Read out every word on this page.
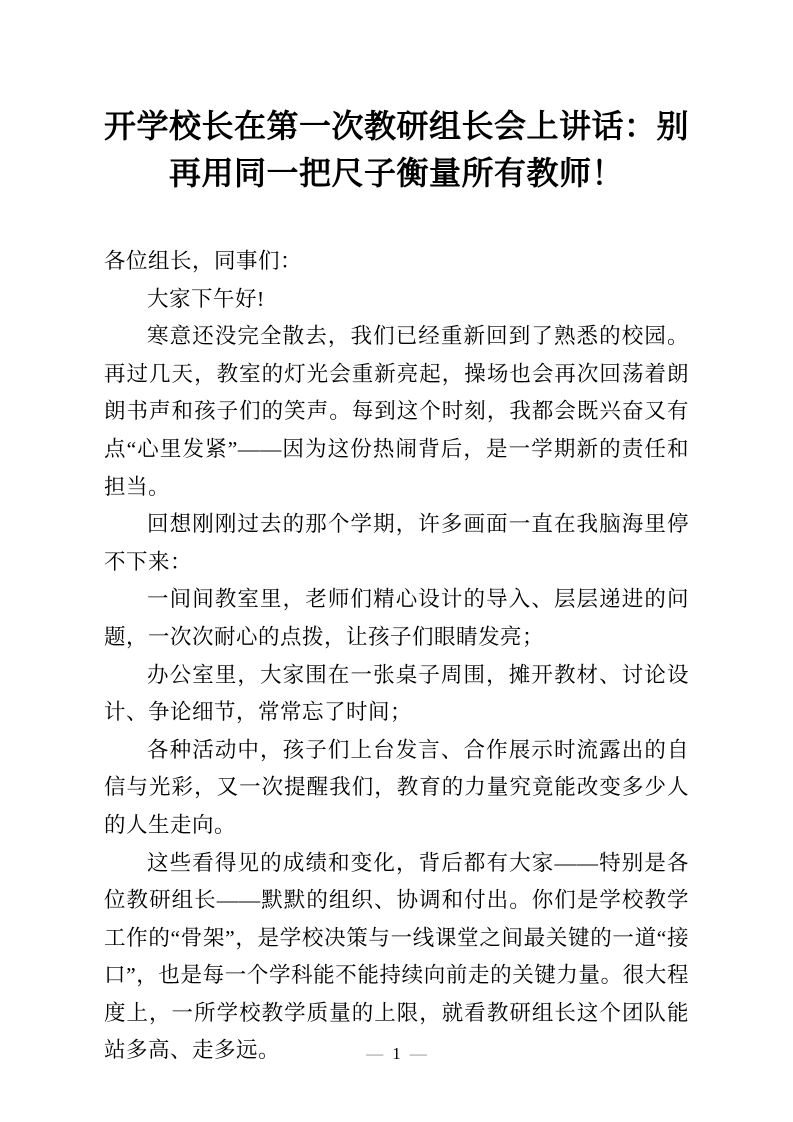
开学校长在第一次教研组长会上讲话：别再用同一把尺子衡量所有教师！

各位组长，同事们：

大家下午好!

寒意还没完全散去，我们已经重新回到了熟悉的校园。再过几天，教室的灯光会重新亮起，操场也会再次回荡着朗朗书声和孩子们的笑声。每到这个时刻，我都会既兴奋又有点“心里发紧”——因为这份热闹背后，是一学期新的责任和担当。

回想刚刚过去的那个学期，许多画面一直在我脑海里停不下来：

一间间教室里，老师们精心设计的导入、层层递进的问题，一次次耐心的点拨，让孩子们眼睛发亮；

办公室里，大家围在一张桌子周围，摊开教材、讨论设计、争论细节，常常忘了时间；

各种活动中，孩子们上台发言、合作展示时流露出的自信与光彩，又一次提醒我们，教育的力量究竟能改变多少人的人生走向。

这些看得见的成绩和变化，背后都有大家——特别是各位教研组长——默默的组织、协调和付出。你们是学校教学工作的“骨架”，是学校决策与一线课堂之间最关键的一道“接口”，也是每一个学科能不能持续向前走的关键力量。很大程度上，一所学校教学质量的上限，就看教研组长这个团队能站多高、走多远。	— 1 —
